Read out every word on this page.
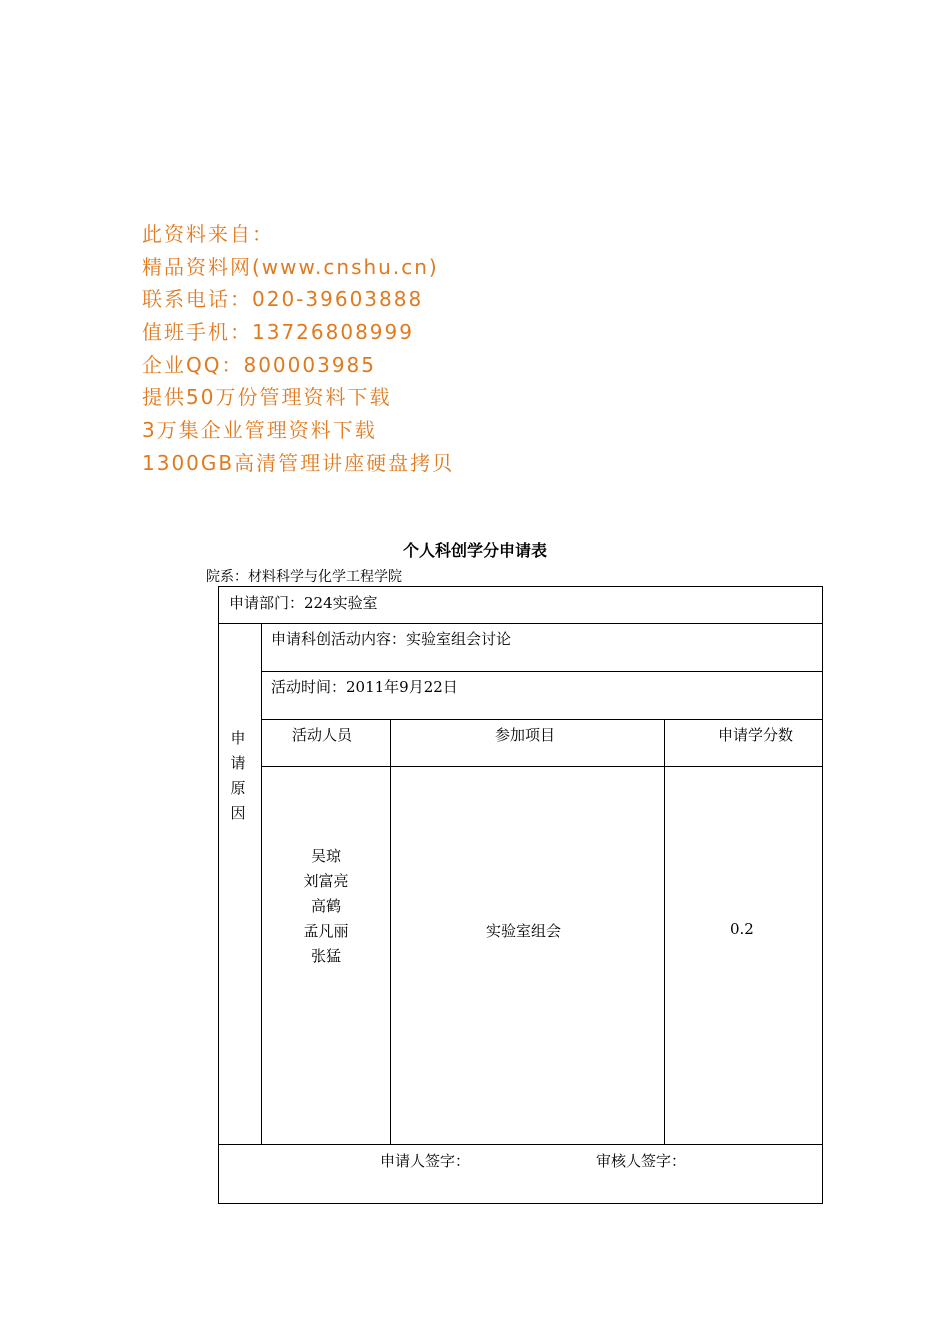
此资料来自：
精品资料网(www.cnshu.cn)
联系电话：020-39603888
值班手机：13726808999
企业QQ：800003985
提供50万份管理资料下载
3万集企业管理资料下载
1300GB高清管理讲座硬盘拷贝
个人科创学分申请表
院系：材料科学与化学工程学院
申请部门：224实验室
申
请
原
因
申请科创活动内容：实验室组会讨论
活动时间：2011年9月22日
活动人员	参加项目	申请学分数
吴琼
刘富亮
高鹤
孟凡丽
张猛
实验室组会	0.2
申请人签字：	审核人签字：
